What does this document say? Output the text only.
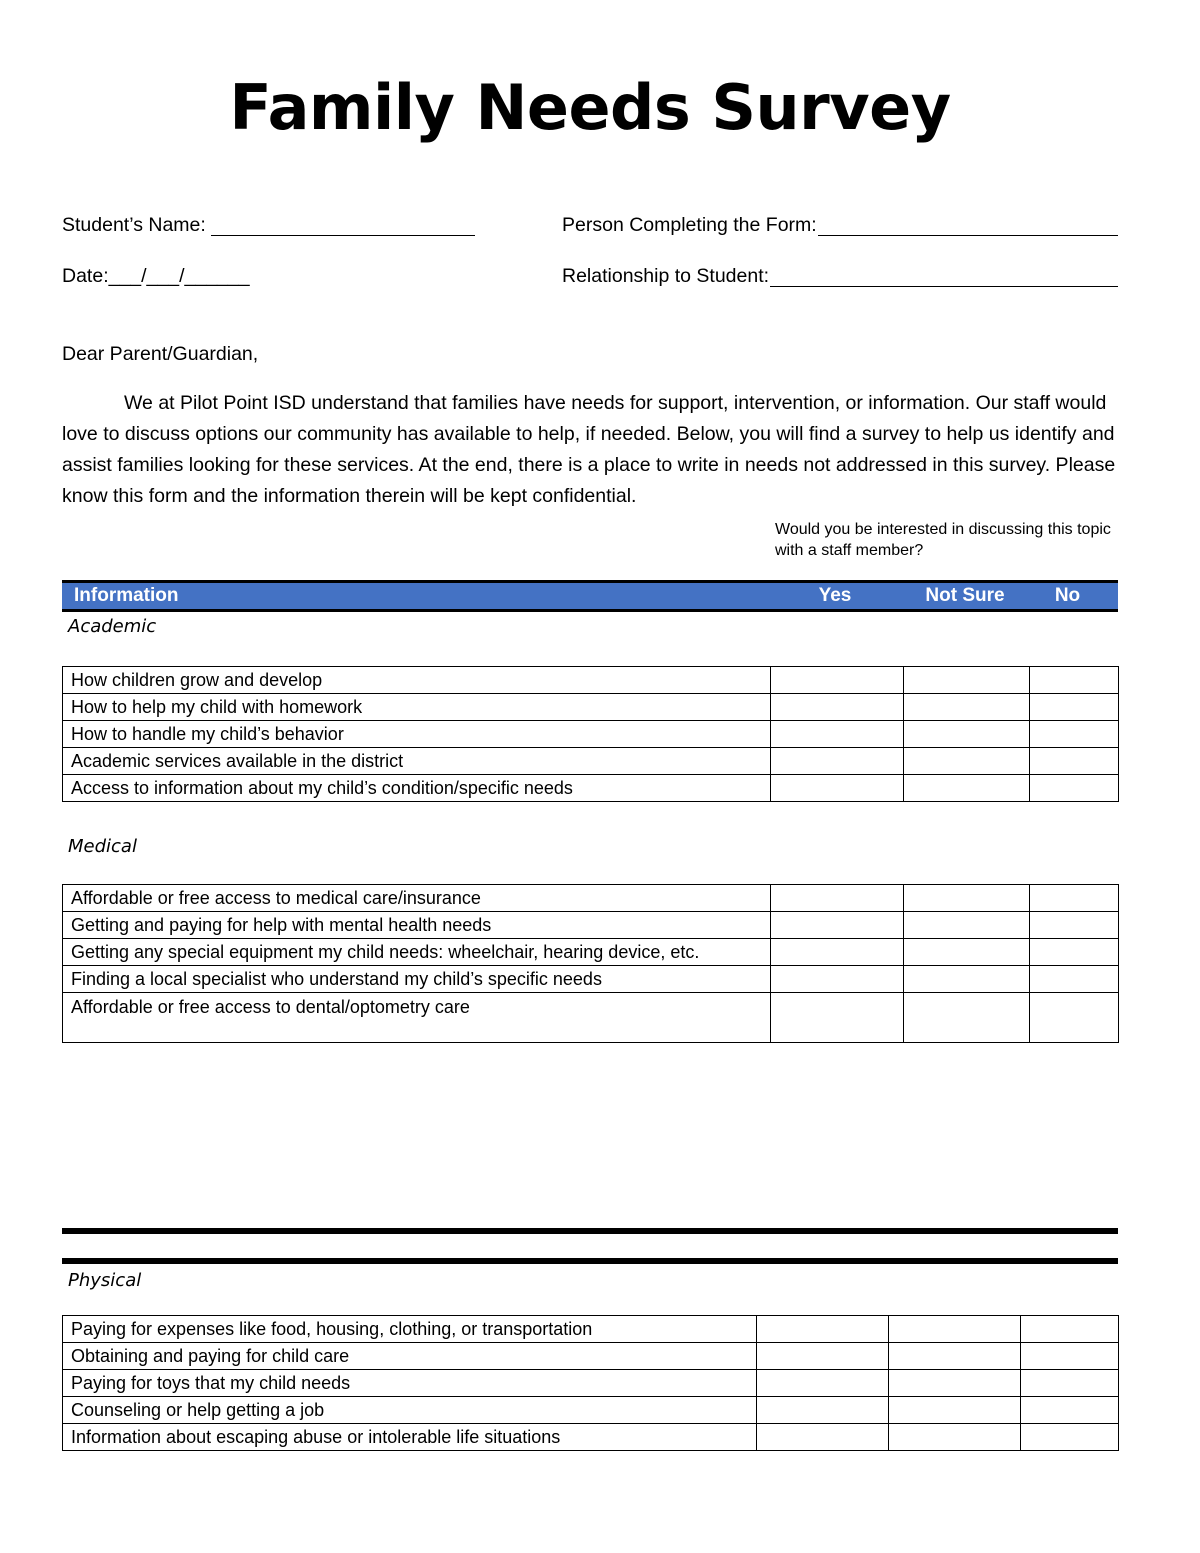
Family Needs Survey
Student’s Name:	Person Completing the Form:
Date: ___/___/______	Relationship to Student:
Dear Parent/Guardian,
We at Pilot Point ISD understand that families have needs for support, intervention, or information. Our staff would love to discuss options our community has available to help, if needed. Below, you will find a survey to help us identify and assist families looking for these services. At the end, there is a place to write in needs not addressed in this survey. Please know this form and the information therein will be kept confidential.
Would you be interested in discussing this topic with a staff member?
Information	Yes	Not Sure	No
Academic
How children grow and develop			
How to help my child with homework			
How to handle my child’s behavior			
Academic services available in the district			
Access to information about my child’s condition/specific needs			
Medical
Affordable or free access to medical care/insurance			
Getting and paying for help with mental health needs			
Getting any special equipment my child needs: wheelchair, hearing device, etc.			
Finding a local specialist who understand my child’s specific needs			
Affordable or free access to dental/optometry care			
Physical
Paying for expenses like food, housing, clothing, or transportation			
Obtaining and paying for child care			
Paying for toys that my child needs			
Counseling or help getting a job			
Information about escaping abuse or intolerable life situations			
